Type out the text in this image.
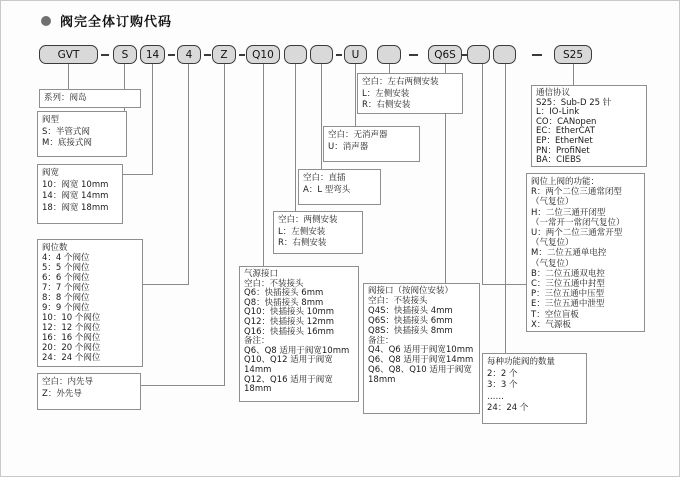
阀完全体订购代码
GVT	S	14	4	Z	Q10	U	Q6S	S25
系列：阀岛
阀型
S：半管式阀
M：底接式阀
阀宽
10：阀宽 10mm
14：阀宽 14mm
18：阀宽 18mm
阀位数
4：4 个阀位
5：5 个阀位
6：6 个阀位
7：7 个阀位
8：8 个阀位
9：9 个阀位
10：10 个阀位
12：12 个阀位
16：16 个阀位
20：20 个阀位
24：24 个阀位
空白：内先导
Z：外先导
气源接口
空白：不装接头
Q6：快插接头 6mm
Q8：快插接头 8mm
Q10：快插接头 10mm
Q12：快插接头 12mm
Q16：快插接头 16mm
备注：
Q6、Q8 适用于阀宽10mm
Q10、Q12 适用于阀宽14mm
Q12、Q16 适用于阀宽18mm
空白：两侧安装
L：左侧安装
R：右侧安装
空白：直插
A：L 型弯头
空白：无消声器
U：消声器
空白：左右两侧安装
L：左侧安装
R：右侧安装
阀接口（按阀位安装）
空白：不装接头
Q4S：快插接头 4mm
Q6S：快插接头 6mm
Q8S：快插接头 8mm
备注：
Q4、Q6 适用于阀宽10mm
Q6、Q8 适用于阀宽14mm
Q6、Q8、Q10 适用于阀宽18mm
通信协议
S25：Sub-D 25 针
L：IO-Link
CO：CANopen
EC：EtherCAT
EP：EtherNet
PN：ProfiNet
BA：CIEBS
阀位上阀的功能：
R：两个二位三通常闭型
（气复位）
H：二位三通开闭型
（一常开一常闭气复位）
U：两个二位三通常开型
（气复位）
M：二位五通单电控
（气复位）
B：二位五通双电控
C：三位五通中封型
P：三位五通中压型
E：三位五通中泄型
T：空位盲板
X：气源板
每种功能阀的数量
2：2 个
3：3 个
……
24：24 个
